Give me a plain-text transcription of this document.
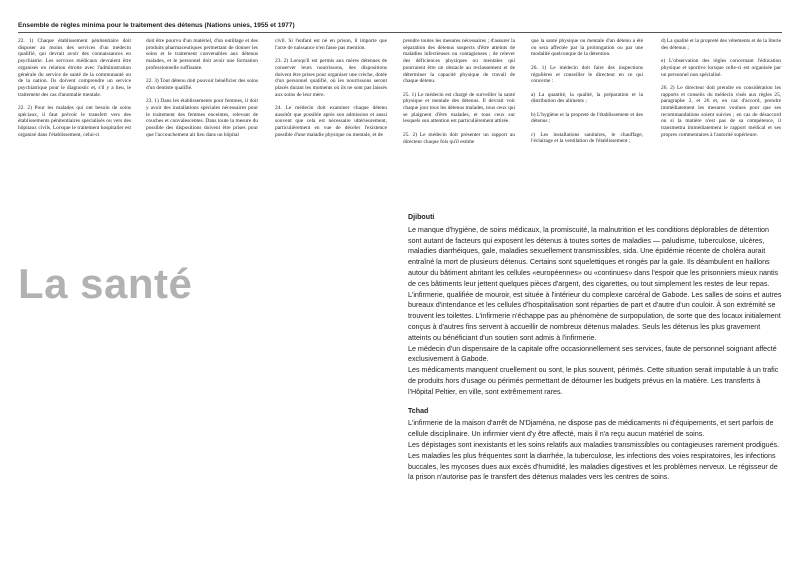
Ensemble de règles minima pour le traitement des détenus (Nations unies, 1955 et 1977)

22. 1) Chaque établissement pénitentiaire doit disposer au moins des services d'un médecin qualifié, qui devrait avoir des connaissances en psychiatrie. Les services médicaux devraient être organisés en relation étroite avec l'administration générale du service de santé de la communauté ou de la nation. Ils doivent comprendre un service psychiatrique pour le diagnostic et, s'il y a lieu, le traitement des cas d'anomalie mentale.

22. 2) Pour les malades qui ont besoin de soins spéciaux, il faut prévoir le transfert vers des établissements pénitentiaires spécialisés ou vers des hôpitaux civils. Lorsque le traitement hospitalier est organisé dans l'établissement, celui-ci

doit être pourvu d'un matériel, d'un outillage et des produits pharmaceutiques permettant de donner les soins et le traitement convenables aux détenus malades, et le personnel doit avoir une formation professionnelle suffisante.

22. 3) Tout détenu doit pouvoir bénéficier des soins d'un dentiste qualifié.

23. 1) Dans les établissements pour femmes, il doit y avoir des installations spéciales nécessaires pour le traitement des femmes enceintes, relevant de couches et convalescentes. Dans toute la mesure du possible des dispositions doivent être prises pour que l'accouchement ait lieu dans un hôpital

civil. Si l'enfant est né en prison, il importe que l'acte de naissance n'en fasse pas mention.

23. 2) Lorsqu'il est permis aux mères détenues de conserver leurs nourrissons, des dispositions doivent être prises pour organiser une crèche, dotée d'un personnel qualifié, où les nourrissons seront placés durant les moments où ils ne sont pas laissés aux soins de leur mère.

24. Le médecin doit examiner chaque détenu aussitôt que possible après son admission et aussi souvent que cela est nécessaire ultérieurement, particulièrement en vue de déceler l'existence possible d'une maladie physique ou mentale, et de

prendre toutes les mesures nécessaires ; d'assurer la séparation des détenus suspects d'être atteints de maladies infectieuses ou contagieuses ; de relever des déficiences physiques ou mentales qui pourraient être un obstacle au reclassement et de déterminer la capacité physique de travail de chaque détenu.

25. 1) Le médecin est chargé de surveiller la santé physique et mentale des détenus. Il devrait voir chaque jour tous les détenus malades, tous ceux qui se plaignent d'être malades, et tous ceux sur lesquels son attention est particulièrement attirée.

25. 2) Le médecin doit présenter un rapport au directeur chaque fois qu'il estime

que la santé physique ou mentale d'un détenu a été ou sera affectée par la prolongation ou par une modalité quelconque de la détention.

26. 1) Le médecin doit faire des inspections régulières et conseiller le directeur en ce qui concerne :

a) La quantité, la qualité, la préparation et la distribution des aliments ;

b) L'hygiène et la propreté de l'établissement et des détenus ;

c) Les installations sanitaires, le chauffage, l'éclairage et la ventilation de l'établissement ;

d) La qualité et la propreté des vêtements et de la literie des détenus ;

e) L'observation des règles concernant l'éducation physique et sportive lorsque celle-ci est organisée par un personnel non spécialisé.

26. 2) Le directeur doit prendre en considération les rapports et conseils du médecin visés aux règles 25, paragraphe 2, et 26 et, en cas d'accord, prendre immédiatement les mesures voulues pour que ses recommandations soient suivies ; en cas de désaccord ou si la matière n'est pas de sa compétence, il transmettra immédiatement le rapport médical et ses propres commentaires à l'autorité supérieure.

La santé
Djibouti

Le manque d'hygiène, de soins médicaux, la promiscuité, la malnutrition et les conditions déplorables de détention sont autant de facteurs qui exposent les détenus à toutes sortes de maladies — paludisme, tuberculose, ulcères, maladies diarrhéiques, gale, maladies sexuellement transmissibles, sida. Une épidémie récente de choléra aurait entraîné la mort de plusieurs détenus. Certains sont squelettiques et rongés par la gale. Ils déambulent en haillons autour du bâtiment abritant les cellules «européennes» ou «continues» dans l'espoir que les prisonniers mieux nantis de ces bâtiments leur jettent quelques pièces d'argent, des cigarettes, ou tout simplement les restes de leur repas.

L'infirmerie, qualifiée de mouroir, est située à l'intérieur du complexe carcéral de Gabode. Les salles de soins et autres bureaux d'intendance et les cellules d'hospitalisation sont réparties de part et d'autre d'un couloir. À son extrémité se trouvent les toilettes. L'infirmerie n'échappe pas au phénomène de surpopulation, de sorte que des locaux initialement conçus à d'autres fins servent à accueillir de nombreux détenus malades. Seuls les détenus les plus gravement atteints ou bénéficiant d'un soutien sont admis à l'infirmerie.

Le médecin d'un dispensaire de la capitale offre occasionnellement ses services, faute de personnel soignant affecté exclusivement à Gabode.

Les médicaments manquent cruellement ou sont, le plus souvent, périmés. Cette situation serait imputable à un trafic de produits hors d'usage ou périmés permettant de détourner les budgets prévus en la matière. Les transferts à l'Hôpital Peltier, en ville, sont extrêmement rares.

Tchad

L'infirmerie de la maison d'arrêt de N'Djaména, ne dispose pas de médicaments ni d'équipements, et sert parfois de cellule disciplinaire. Un infirmier vient d'y être affecté, mais il n'a reçu aucun matériel de soins.

Les dépistages sont inexistants et les soins relatifs aux maladies transmissibles ou contagieuses rarement prodigués. Les maladies les plus fréquentes sont la diarrhée, la tuberculose, les infections des voies respiratoires, les infections buccales, les mycoses dues aux excès d'humidité, les maladies digestives et les problèmes nerveux. Le régisseur de la prison n'autorise pas le transfert des détenus malades vers les centres de soins.
